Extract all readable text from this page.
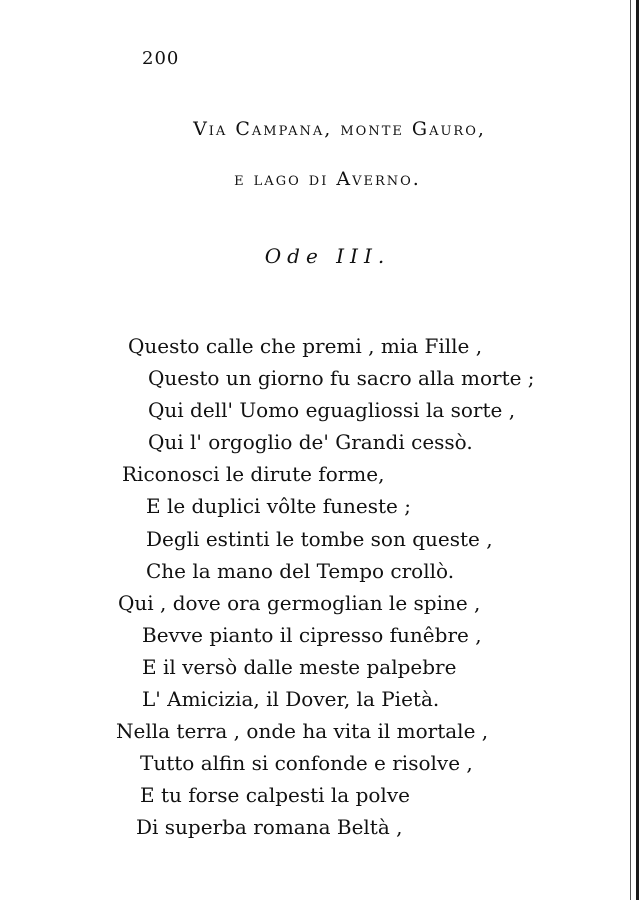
200
Via Campana, monte Gauro,
e lago di Averno.
Ode III.
Questo calle che premi , mia Fille ,
Questo un giorno fu sacro alla morte ;
Qui dell' Uomo eguagliossi la sorte ,
Qui l' orgoglio de' Grandi cessò.
Riconosci le dirute forme,
E le duplici vôlte funeste ;
Degli estinti le tombe son queste ,
Che la mano del Tempo crollò.
Qui , dove ora germoglian le spine ,
Bevve pianto il cipresso funêbre ,
E il versò dalle meste palpebre
L' Amicizia, il Dover, la Pietà.
Nella terra , onde ha vita il mortale ,
Tutto alfin si confonde e risolve ,
E tu forse calpesti la polve
Di superba romana Beltà ,
